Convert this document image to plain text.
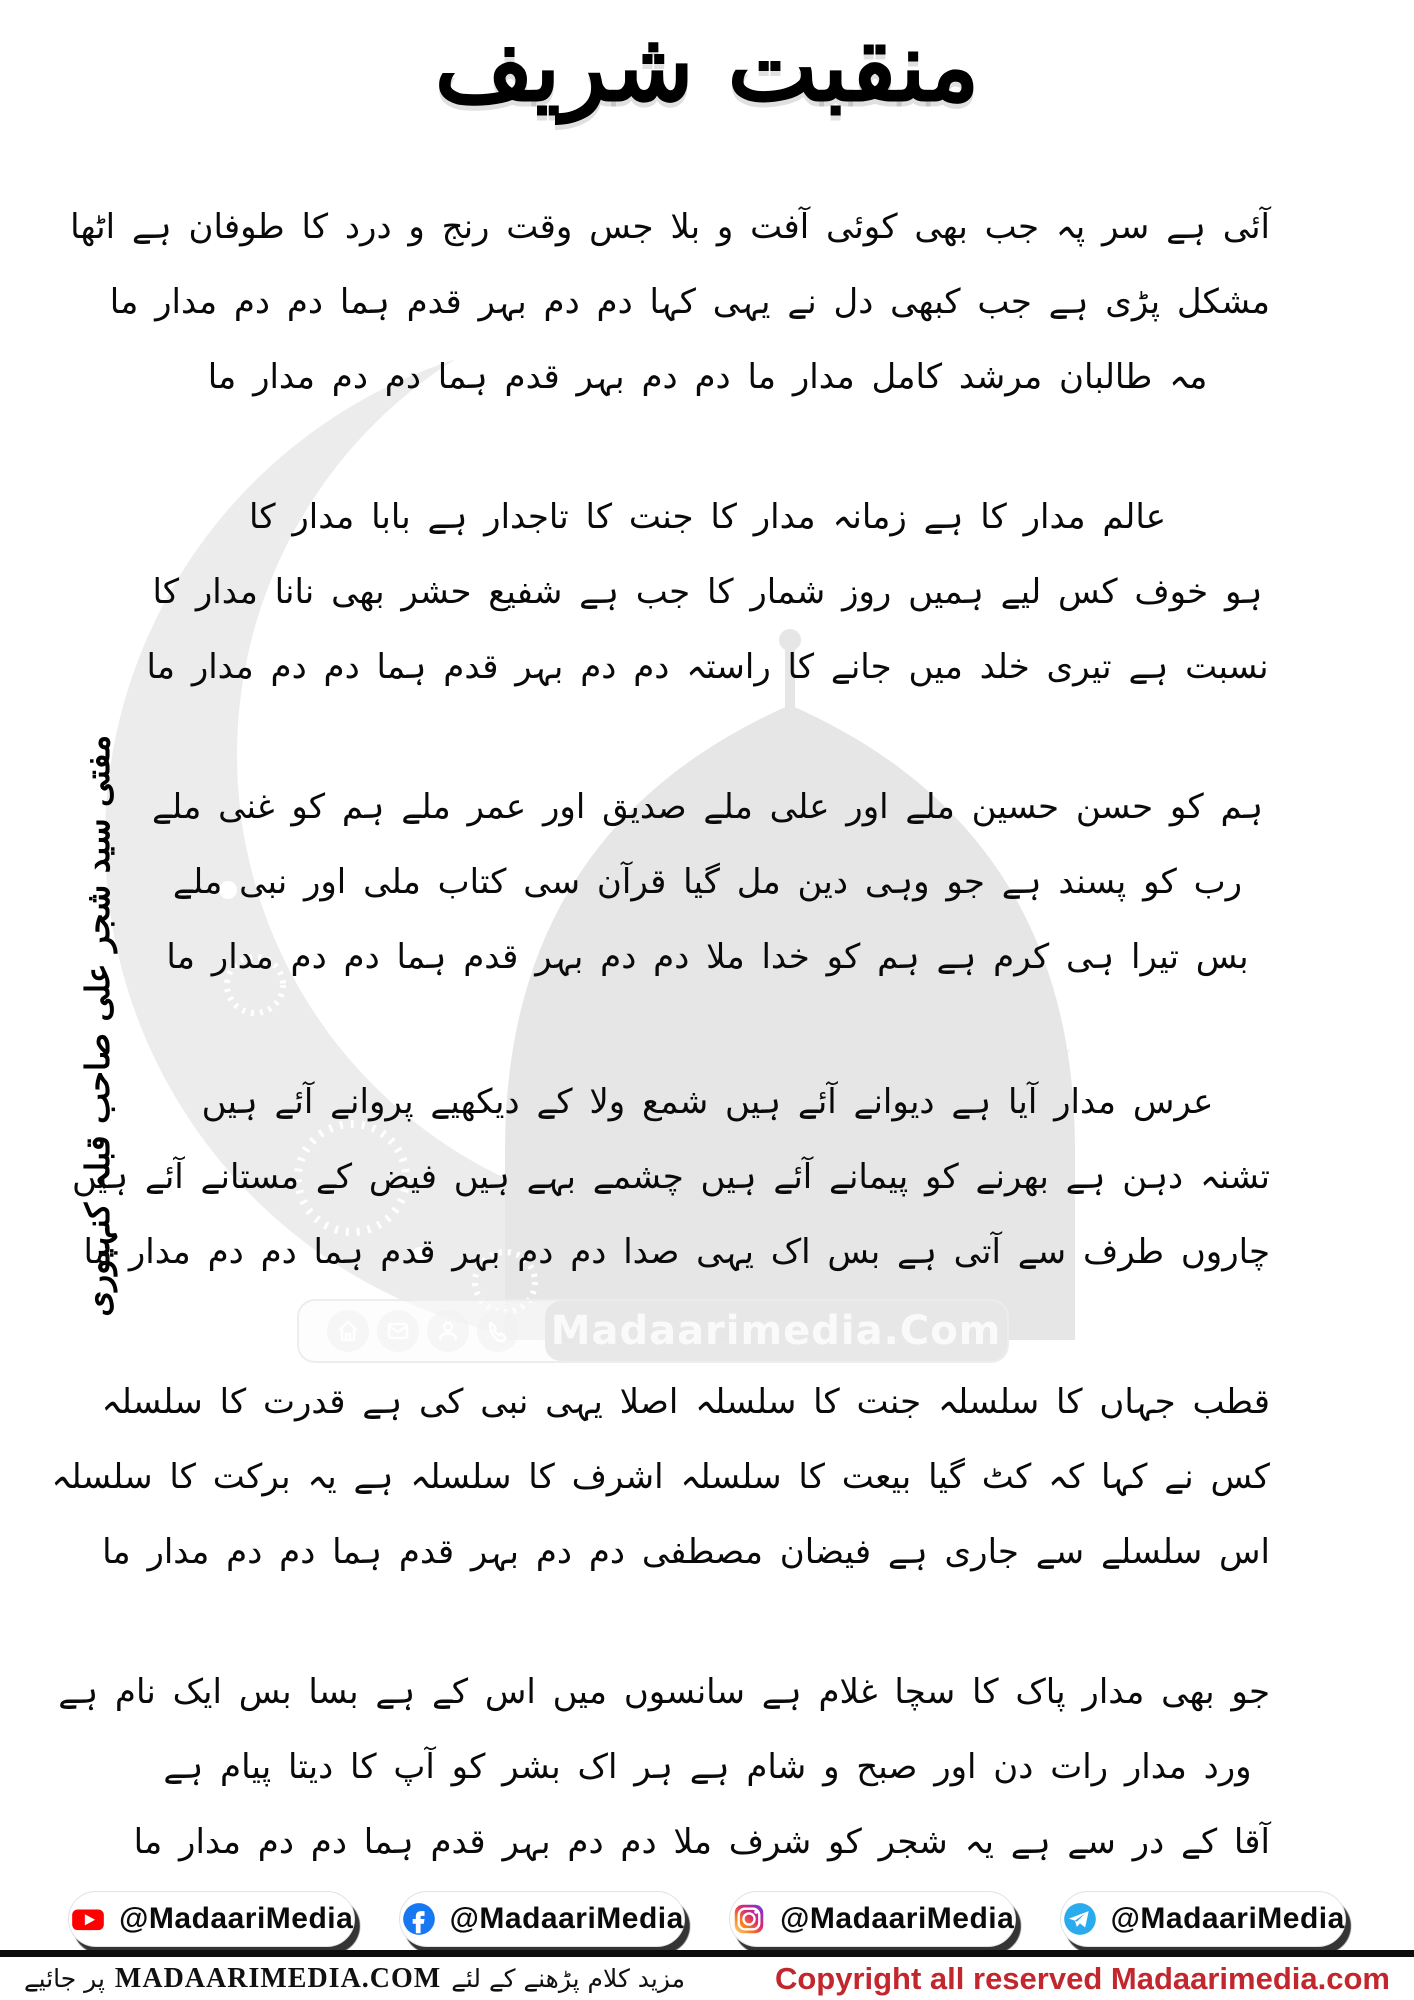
منقبت شریف
مفتی سید شجر علی صاحب قبلہ کنہپوری
آئی ہے سر پہ جب بھی کوئی آفت و بلا جس وقت رنج و درد کا طوفان ہے اٹھا
مشکل پڑی ہے جب کبھی دل نے یہی کہا دم دم بہر قدم ہما دم دم مدار ما
مہ طالبان مرشد کامل مدار ما دم دم بہر قدم ہما دم دم مدار ما
عالم مدار کا ہے زمانہ مدار کا جنت کا تاجدار ہے بابا مدار کا
ہو خوف کس لیے ہمیں روز شمار کا جب ہے شفیع حشر بھی نانا مدار کا
نسبت ہے تیری خلد میں جانے کا راستہ دم دم بہر قدم ہما دم دم مدار ما
ہم کو حسن حسین ملے اور علی ملے صدیق اور عمر ملے ہم کو غنی ملے
رب کو پسند ہے جو وہی دین مل گیا قرآن سی کتاب ملی اور نبی ملے
بس تیرا ہی کرم ہے ہم کو خدا ملا دم دم بہر قدم ہما دم دم مدار ما
عرس مدار آیا ہے دیوانے آئے ہیں شمع ولا کے دیکھیے پروانے آئے ہیں
تشنہ دہن ہے بھرنے کو پیمانے آئے ہیں چشمے بہے ہیں فیض کے مستانے آئے ہیں
چاروں طرف سے آتی ہے بس اک یہی صدا دم دم بہر قدم ہما دم دم مدار ما
Madaarimedia.Com
قطب جہاں کا سلسلہ جنت کا سلسلہ اصلا یہی نبی کی ہے قدرت کا سلسلہ
کس نے کہا کہ کٹ گیا بیعت کا سلسلہ اشرف کا سلسلہ ہے یہ برکت کا سلسلہ
اس سلسلے سے جاری ہے فیضان مصطفی دم دم بہر قدم ہما دم دم مدار ما
جو بھی مدار پاک کا سچا غلام ہے سانسوں میں اس کے ہے بسا بس ایک نام ہے
ورد مدار رات دن اور صبح و شام ہے ہر اک بشر کو آپ کا دیتا پیام ہے
آقا کے در سے ہے یہ شجر کو شرف ملا دم دم بہر قدم ہما دم دم مدار ما
@MadaariMedia	@MadaariMedia	@MadaariMedia	@MadaariMedia
مزید کلام پڑھنے کے لئے
MADAARIMEDIA.COM
پر جائیے	Copyright all reserved Madaarimedia.com
